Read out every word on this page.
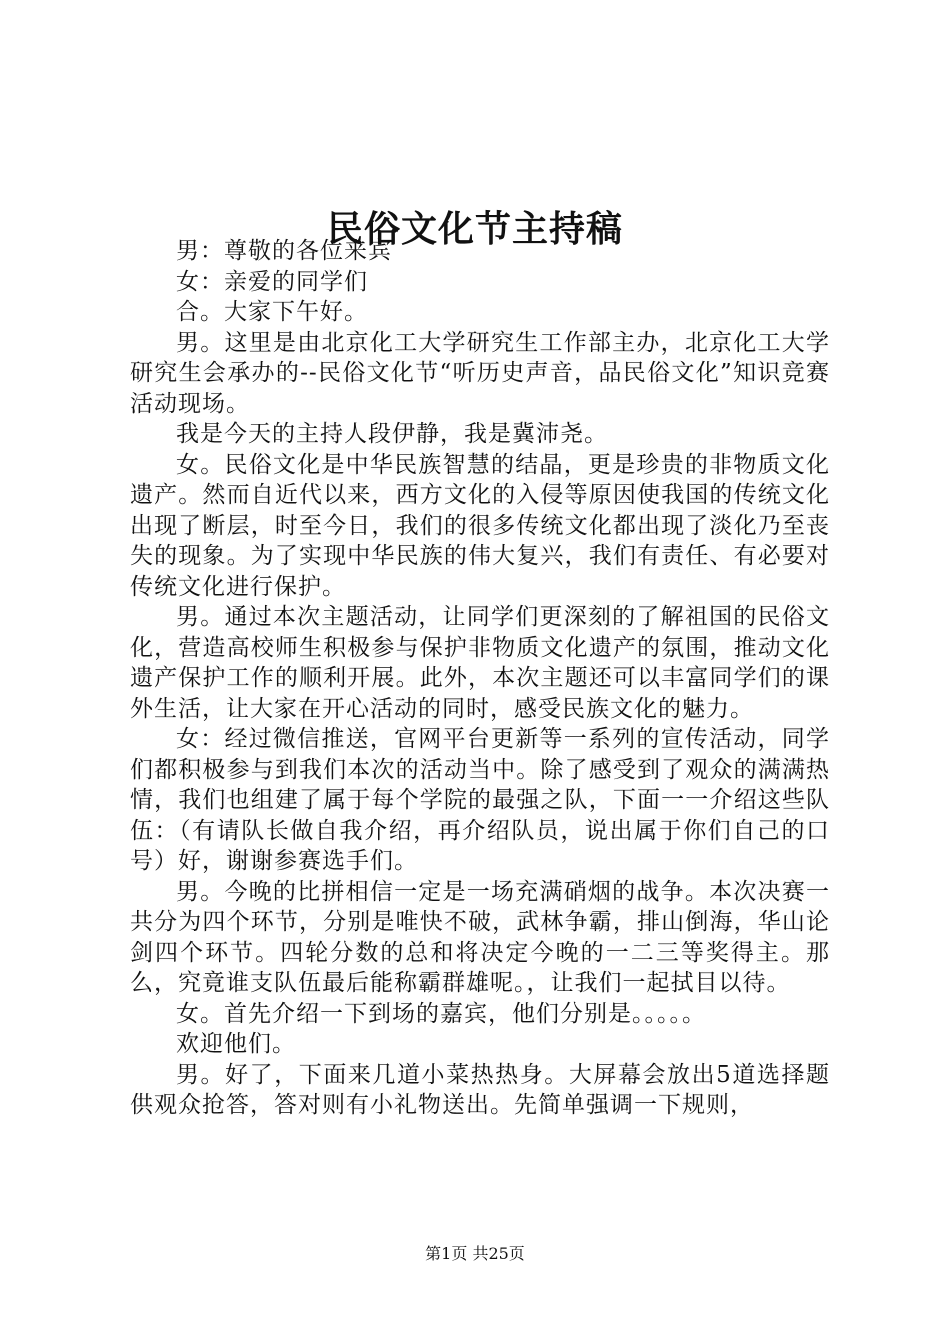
民俗文化节主持稿

男：尊敬的各位来宾

女：亲爱的同学们

合。大家下午好。

男。这里是由北京化工大学研究生工作部主办，北京化工大学研究生会承办的--民俗文化节“听历史声音，品民俗文化”知识竞赛活动现场。

我是今天的主持人段伊静，我是冀沛尧。

女。民俗文化是中华民族智慧的结晶，更是珍贵的非物质文化遗产。然而自近代以来，西方文化的入侵等原因使我国的传统文化出现了断层，时至今日，我们的很多传统文化都出现了淡化乃至丧失的现象。为了实现中华民族的伟大复兴，我们有责任、有必要对传统文化进行保护。

男。通过本次主题活动，让同学们更深刻的了解祖国的民俗文化，营造高校师生积极参与保护非物质文化遗产的氛围，推动文化遗产保护工作的顺利开展。此外，本次主题还可以丰富同学们的课外生活，让大家在开心活动的同时，感受民族文化的魅力。

女：经过微信推送，官网平台更新等一系列的宣传活动，同学们都积极参与到我们本次的活动当中。除了感受到了观众的满满热情，我们也组建了属于每个学院的最强之队，下面一一介绍这些队伍：（有请队长做自我介绍，再介绍队员，说出属于你们自己的口号）好，谢谢参赛选手们。

男。今晚的比拼相信一定是一场充满硝烟的战争。本次决赛一共分为四个环节，分别是唯快不破，武林争霸，排山倒海，华山论剑四个环节。四轮分数的总和将决定今晚的一二三等奖得主。那么，究竟谁支队伍最后能称霸群雄呢。，让我们一起拭目以待。

女。首先介绍一下到场的嘉宾，他们分别是。。。。。

欢迎他们。

男。好了，下面来几道小菜热热身。大屏幕会放出5道选择题供观众抢答，答对则有小礼物送出。先简单强调一下规则，

第1页 共25页
